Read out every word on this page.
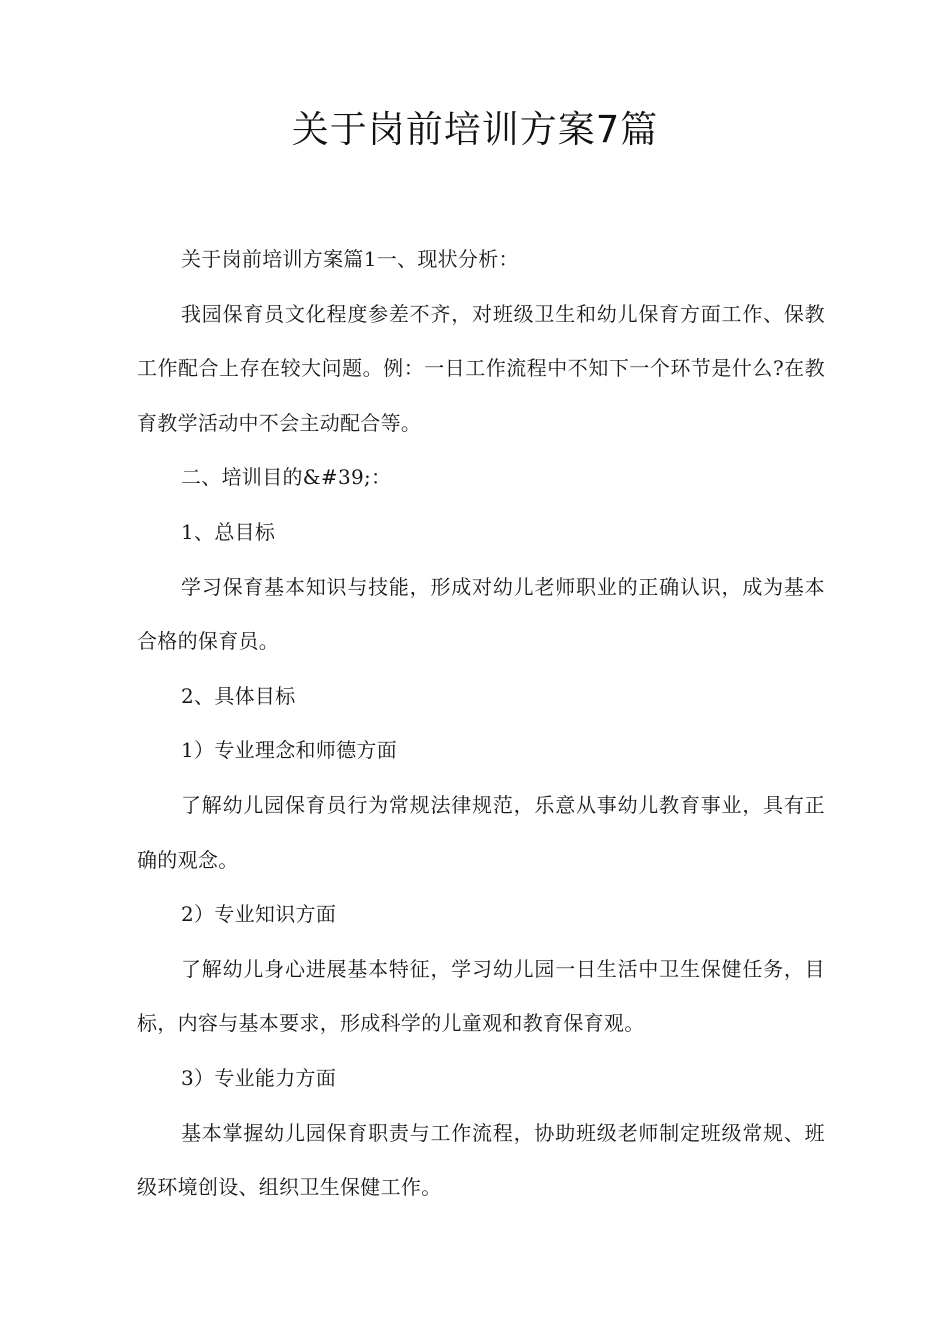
关于岗前培训方案7篇

关于岗前培训方案篇1一、现状分析：

我园保育员文化程度参差不齐，对班级卫生和幼儿保育方面工作、保教工作配合上存在较大问题。例：一日工作流程中不知下一个环节是什么?在教育教学活动中不会主动配合等。

二、培训目的&#39;：

1、总目标

学习保育基本知识与技能，形成对幼儿老师职业的正确认识，成为基本合格的保育员。

2、具体目标

1）专业理念和师德方面

了解幼儿园保育员行为常规法律规范，乐意从事幼儿教育事业，具有正确的观念。

2）专业知识方面

了解幼儿身心进展基本特征，学习幼儿园一日生活中卫生保健任务，目标，内容与基本要求，形成科学的儿童观和教育保育观。

3）专业能力方面

基本掌握幼儿园保育职责与工作流程，协助班级老师制定班级常规、班级环境创设、组织卫生保健工作。
